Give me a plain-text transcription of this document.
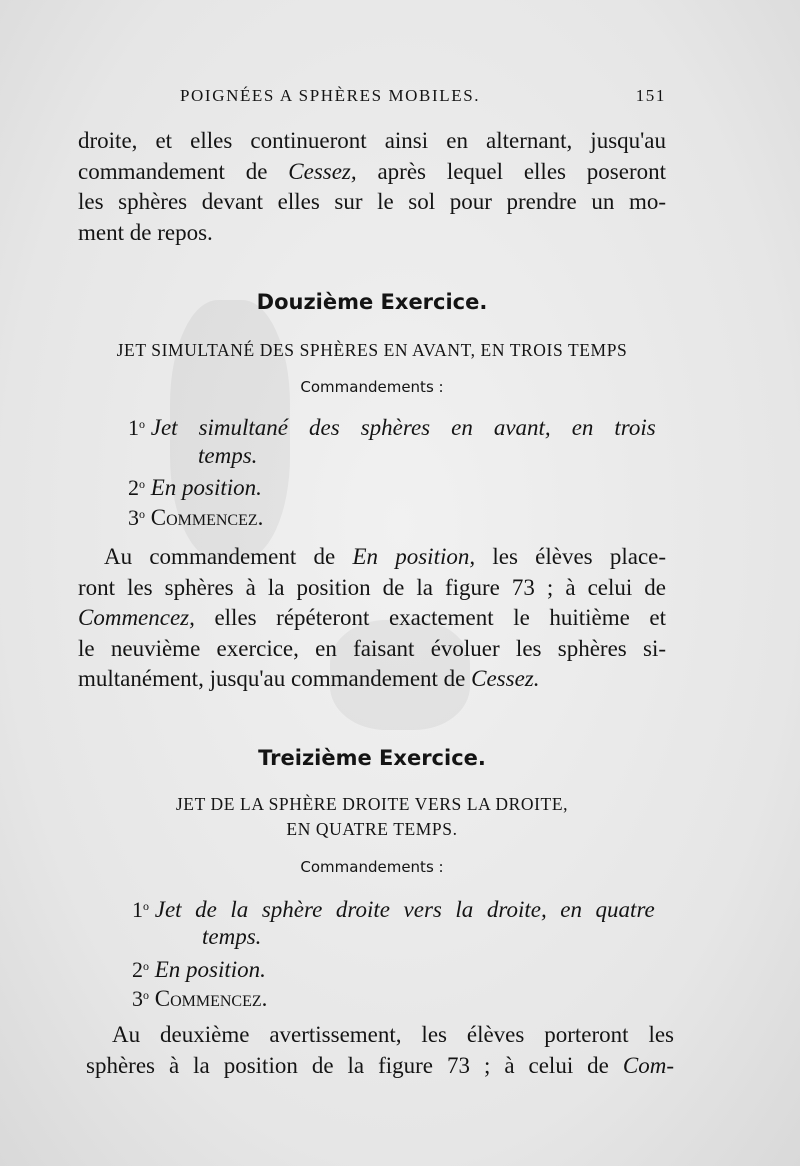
POIGNÉES A SPHÈRES MOBILES.	151
droite, et elles continueront ainsi en alternant, jusqu'au
commandement de Cessez, après lequel elles poseront
les sphères devant elles sur le sol pour prendre un mo-
ment de repos.
Douzième Exercice.
JET SIMULTANÉ DES SPHÈRES EN AVANT, EN TROIS TEMPS
Commandements :
1$^o$ Jet simultané des sphères en avant, en trois
temps.
2$^o$ En position.
3$^o$ Commencez.
Au commandement de En position, les élèves place-
ront les sphères à la position de la figure 73 ; à celui de
Commencez, elles répéteront exactement le huitième et
le neuvième exercice, en faisant évoluer les sphères si-
multanément, jusqu'au commandement de Cessez.
Treizième Exercice.
JET DE LA SPHÈRE DROITE VERS LA DROITE,
EN QUATRE TEMPS.
Commandements :
1$^o$ Jet de la sphère droite vers la droite, en quatre
temps.
2$^o$ En position.
3$^o$ Commencez.
Au deuxième avertissement, les élèves porteront les
sphères à la position de la figure 73 ; à celui de Com-
